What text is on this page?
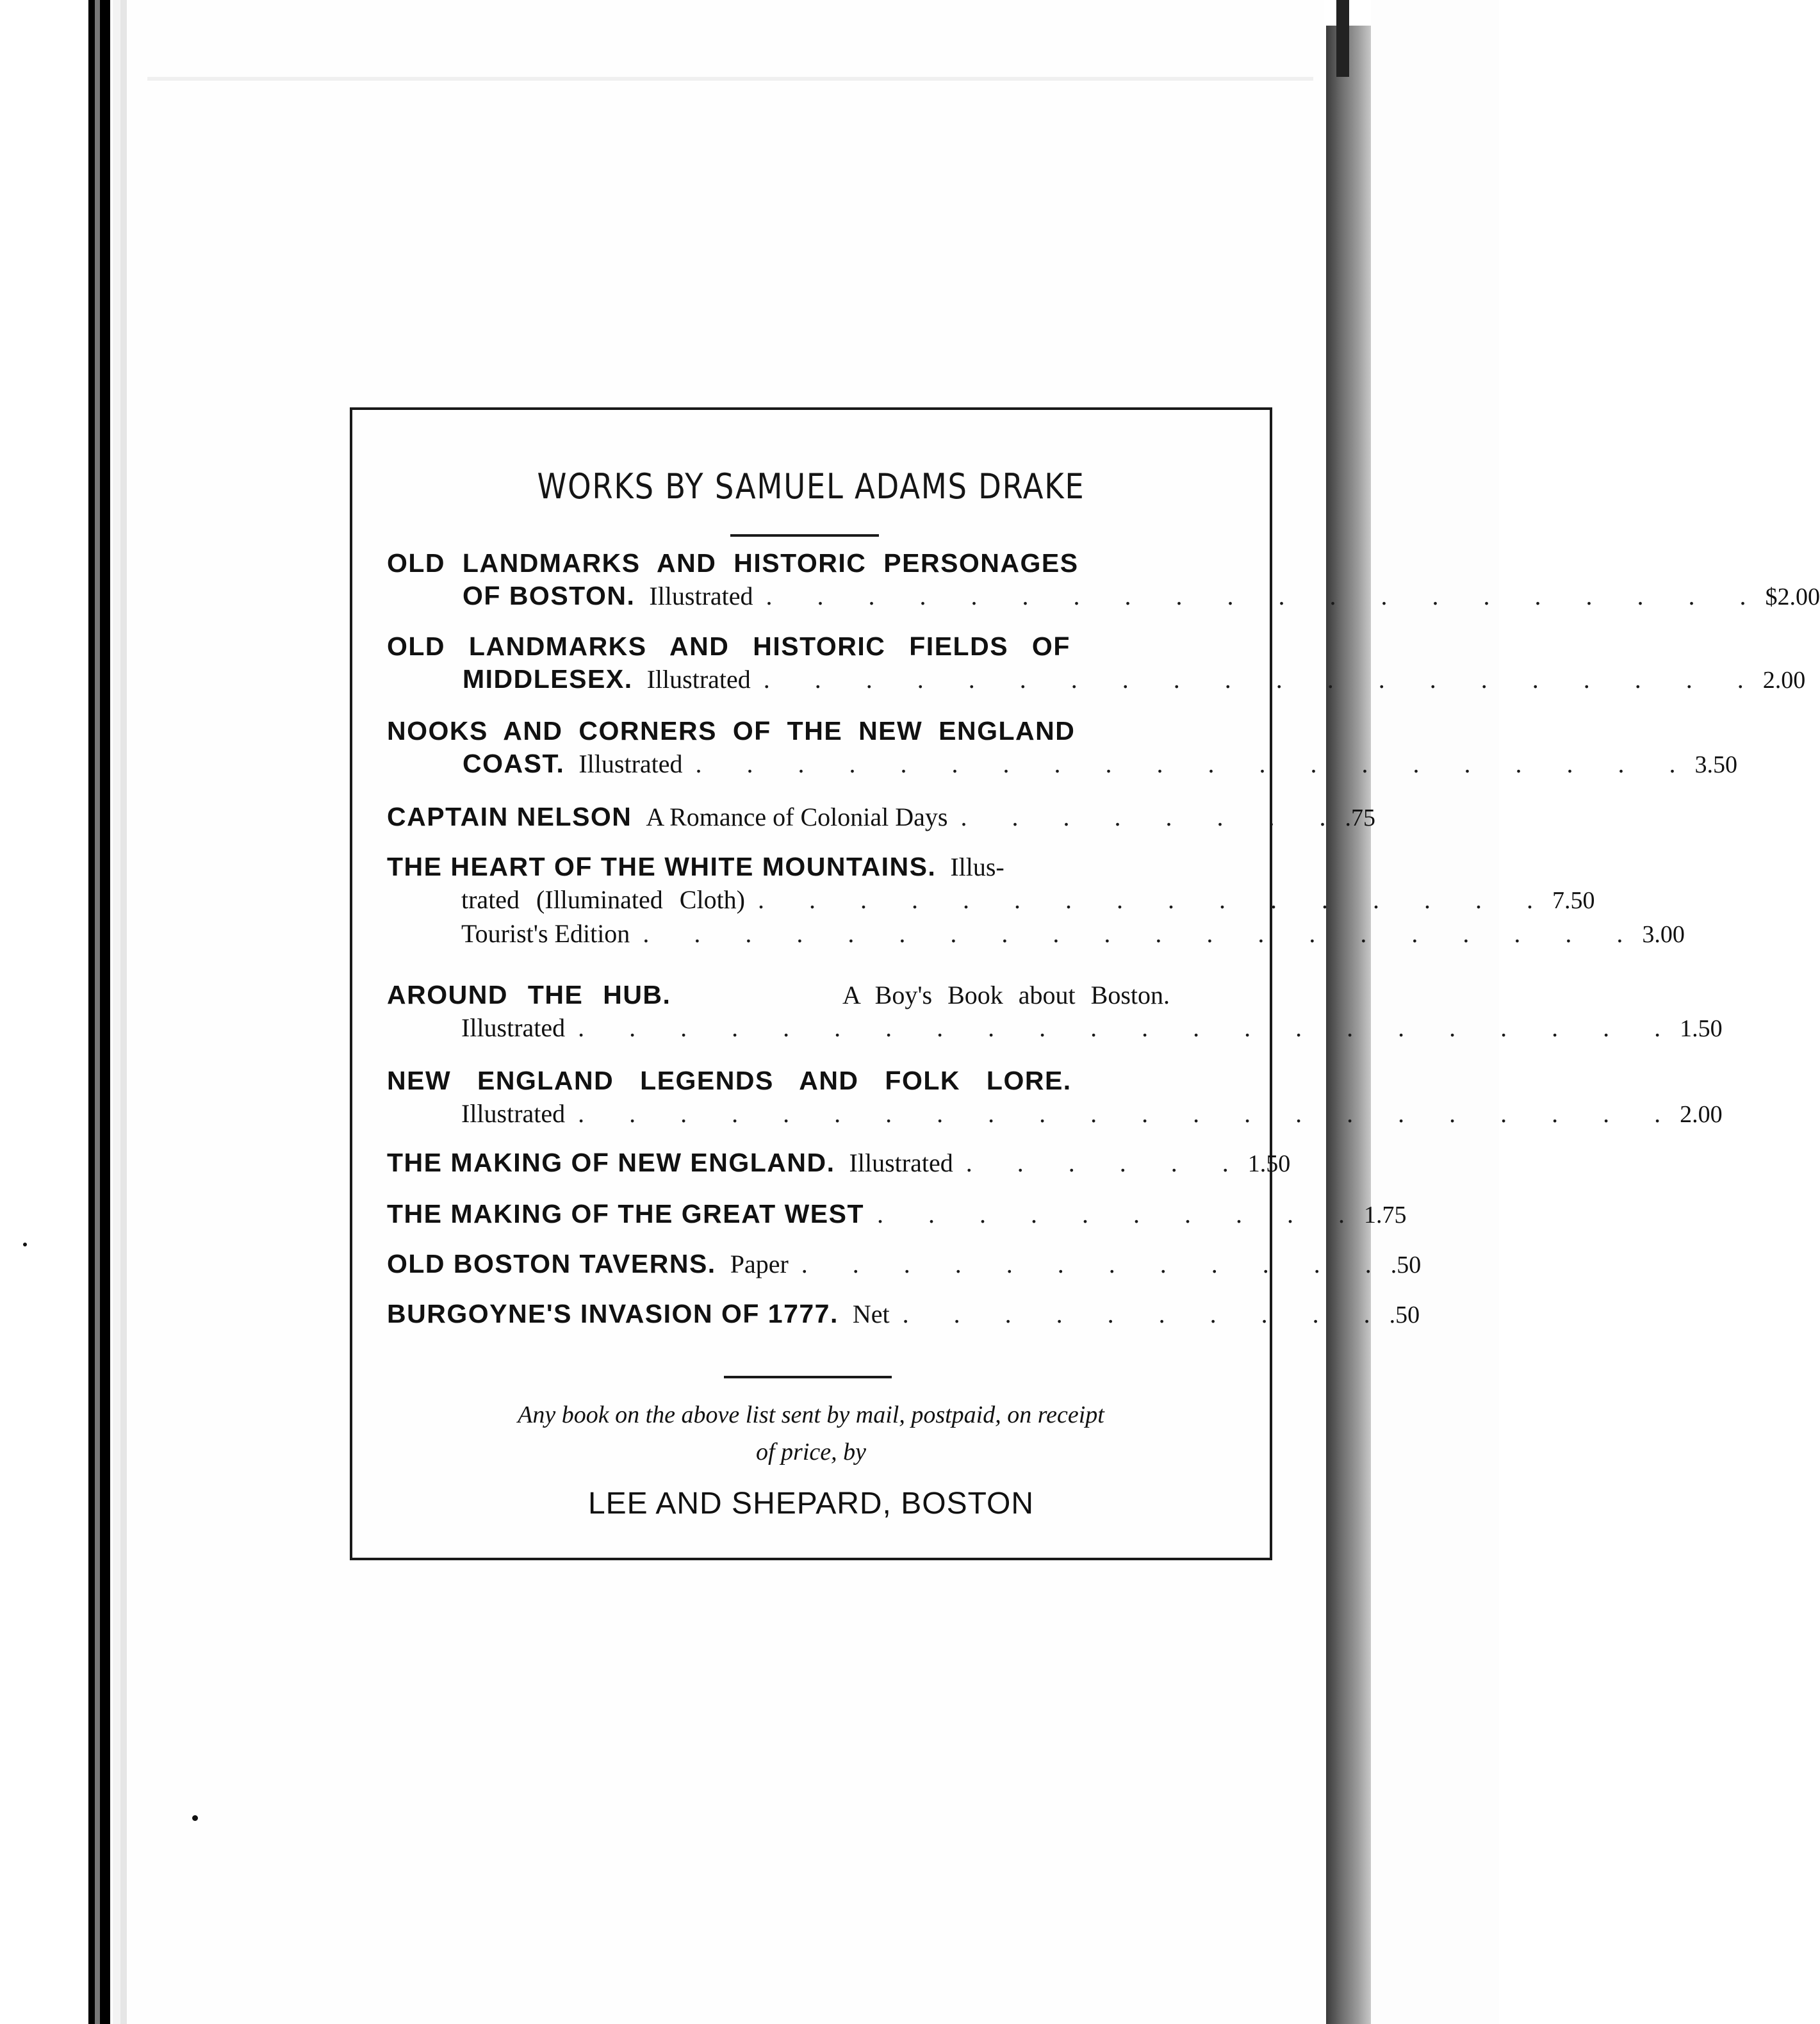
WORKS BY SAMUEL ADAMS DRAKE
OLD LANDMARKS AND HISTORIC PERSONAGES
OF BOSTON. Illustrated . . . . . . . . . . . . . . . . . . . . $2.00
OLD LANDMARKS AND HISTORIC FIELDS OF
MIDDLESEX. Illustrated . . . . . . . . . . . . . . . . . . . . 2.00
NOOKS AND CORNERS OF THE NEW ENGLAND
COAST. Illustrated . . . . . . . . . . . . . . . . . . . . 3.50
CAPTAIN NELSON A Romance of Colonial Days . . . . . . . . .75
THE HEART OF THE WHITE MOUNTAINS. Illus-
trated (Illuminated Cloth) . . . . . . . . . . . . . . . . 7.50
Tourist's Edition . . . . . . . . . . . . . . . . . . . . 3.00
AROUND THE HUB.	A Boy's Book about Boston.
Illustrated . . . . . . . . . . . . . . . . . . . . . . 1.50
NEW ENGLAND LEGENDS AND FOLK LORE.
Illustrated . . . . . . . . . . . . . . . . . . . . . . 2.00
THE MAKING OF NEW ENGLAND. Illustrated . . . . . . 1.50
THE MAKING OF THE GREAT WEST . . . . . . . . . . 1.75
OLD BOSTON TAVERNS. Paper . . . . . . . . . . . . .50
BURGOYNE'S INVASION OF 1777. Net . . . . . . . . . . .50
Any book on the above list sent by mail, postpaid, on receipt
of price, by
LEE AND SHEPARD, BOSTON
